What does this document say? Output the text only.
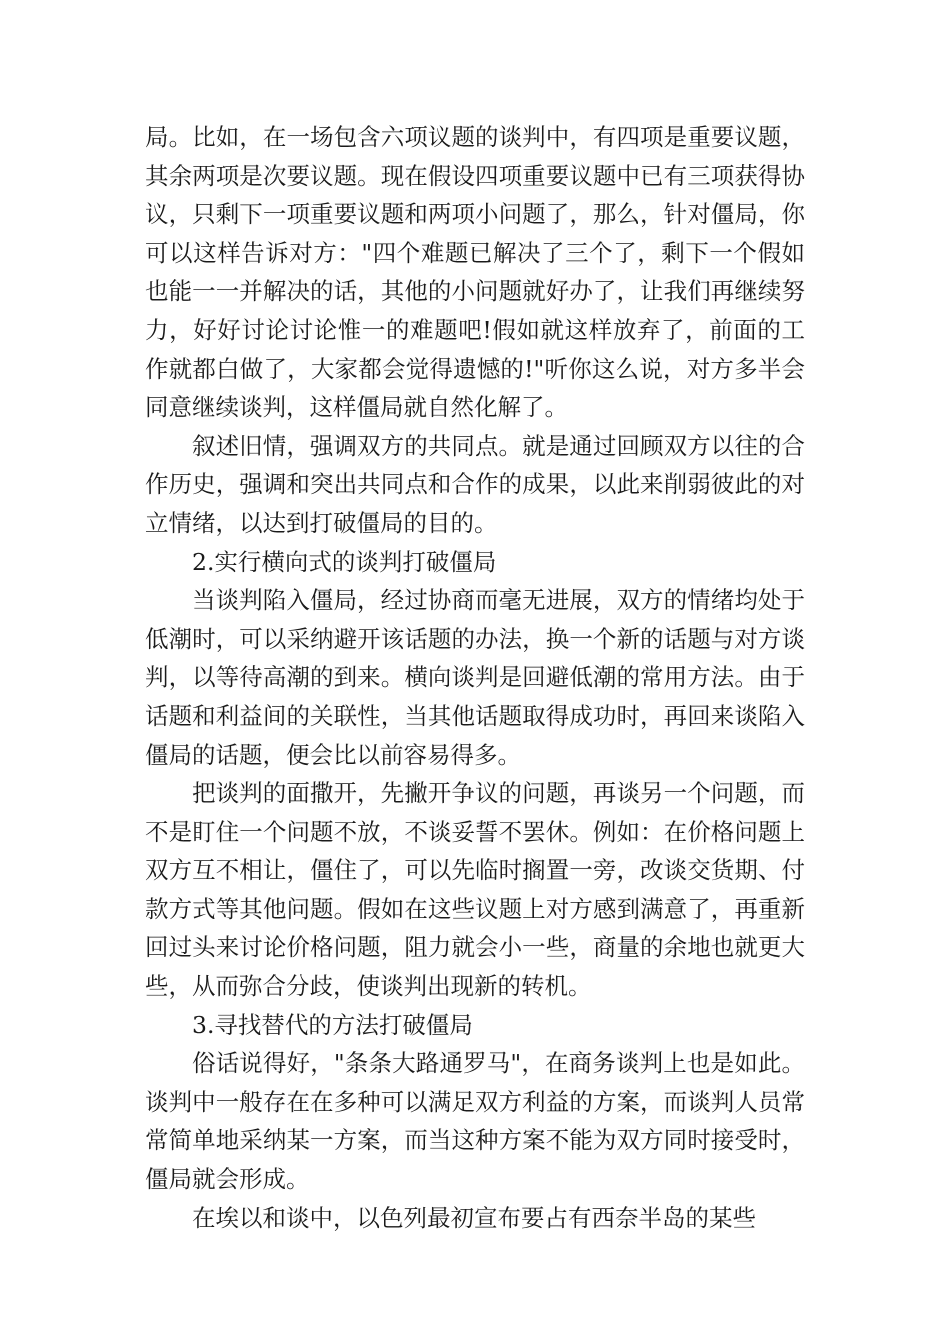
局。比如，在一场包含六项议题的谈判中，有四项是重要议题，其余两项是次要议题。现在假设四项重要议题中已有三项获得协议，只剩下一项重要议题和两项小问题了，那么，针对僵局，你可以这样告诉对方："四个难题已解决了三个了，剩下一个假如也能一一并解决的话，其他的小问题就好办了，让我们再继续努力，好好讨论讨论惟一的难题吧!假如就这样放弃了，前面的工作就都白做了，大家都会觉得遗憾的!"听你这么说，对方多半会同意继续谈判，这样僵局就自然化解了。

叙述旧情，强调双方的共同点。就是通过回顾双方以往的合作历史，强调和突出共同点和合作的成果，以此来削弱彼此的对立情绪，以达到打破僵局的目的。

2.实行横向式的谈判打破僵局

当谈判陷入僵局，经过协商而毫无进展，双方的情绪均处于低潮时，可以采纳避开该话题的办法，换一个新的话题与对方谈判，以等待高潮的到来。横向谈判是回避低潮的常用方法。由于话题和利益间的关联性，当其他话题取得成功时，再回来谈陷入僵局的话题，便会比以前容易得多。

把谈判的面撒开，先撇开争议的问题，再谈另一个问题，而不是盯住一个问题不放，不谈妥誓不罢休。例如：在价格问题上双方互不相让，僵住了，可以先临时搁置一旁，改谈交货期、付款方式等其他问题。假如在这些议题上对方感到满意了，再重新回过头来讨论价格问题，阻力就会小一些，商量的余地也就更大些，从而弥合分歧，使谈判出现新的转机。

3.寻找替代的方法打破僵局

俗话说得好，"条条大路通罗马"，在商务谈判上也是如此。谈判中一般存在在多种可以满足双方利益的方案，而谈判人员常常简单地采纳某一方案，而当这种方案不能为双方同时接受时，僵局就会形成。

在埃以和谈中，以色列最初宣布要占有西奈半岛的某些
